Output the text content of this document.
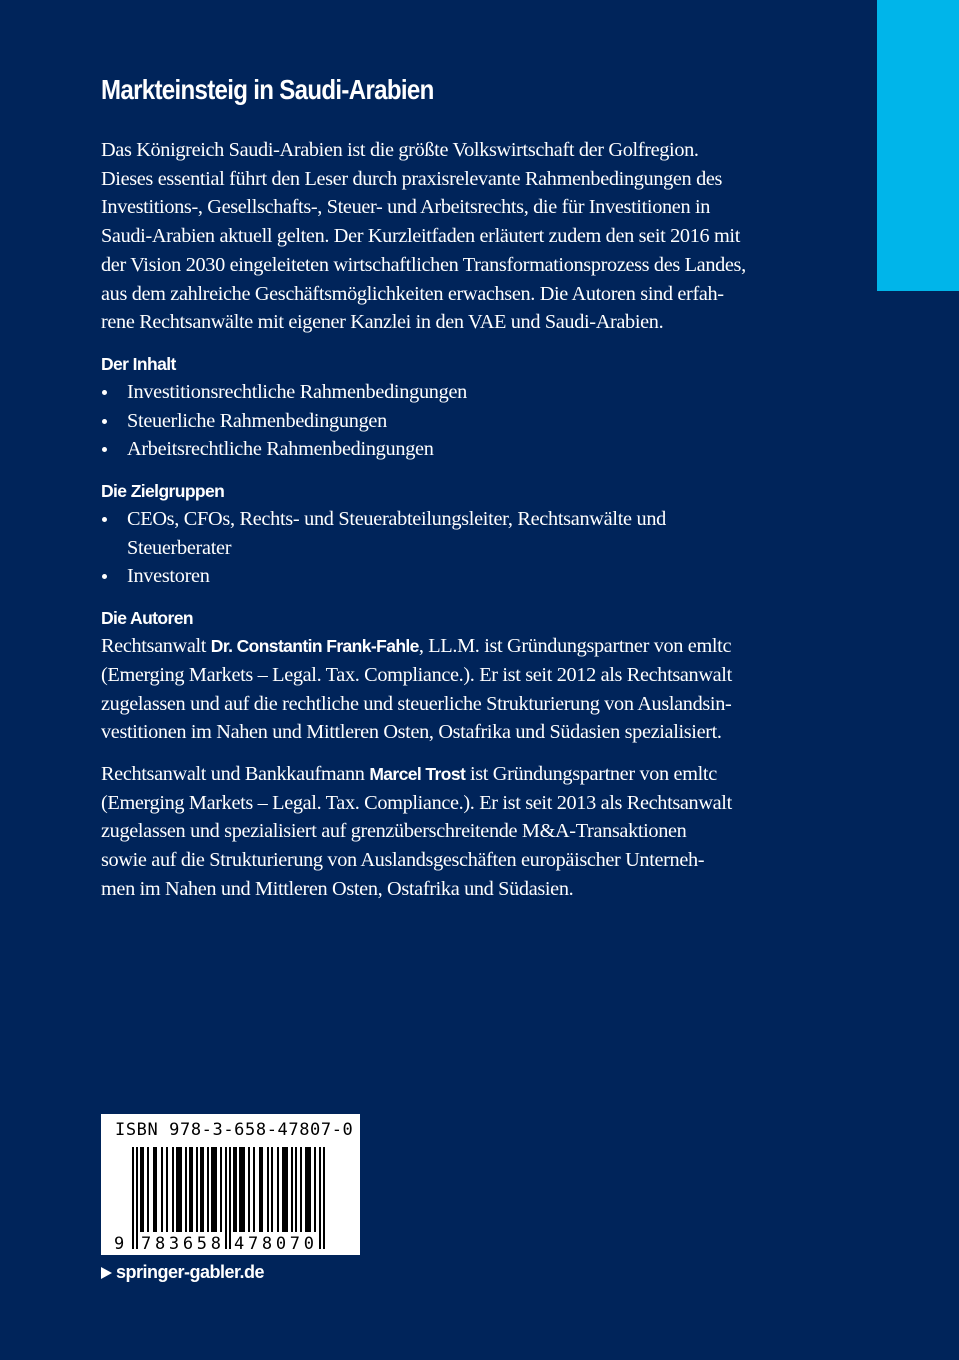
Markteinsteig in Saudi-Arabien
Das Königreich Saudi-Arabien ist die größte Volkswirtschaft der Golfregion.
Dieses essential führt den Leser durch praxisrelevante Rahmenbedingungen des
Investitions-, Gesellschafts-, Steuer- und Arbeitsrechts, die für Investitionen in
Saudi-Arabien aktuell gelten. Der Kurzleitfaden erläutert zudem den seit 2016 mit
der Vision 2030 eingeleiteten wirtschaftlichen Transformationsprozess des Landes,
aus dem zahlreiche Geschäftsmöglichkeiten erwachsen. Die Autoren sind erfah-
rene Rechtsanwälte mit eigener Kanzlei in den VAE und Saudi-Arabien.
Der Inhalt
Investitionsrechtliche Rahmenbedingungen
Steuerliche Rahmenbedingungen
Arbeitsrechtliche Rahmenbedingungen
Die Zielgruppen
CEOs, CFOs, Rechts- und Steuerabteilungsleiter, Rechtsanwälte und
Steuerberater
Investoren
Die Autoren
Rechtsanwalt Dr. Constantin Frank-Fahle, LL.M. ist Gründungspartner von emltc
(Emerging Markets – Legal. Tax. Compliance.). Er ist seit 2012 als Rechtsanwalt
zugelassen und auf die rechtliche und steuerliche Strukturierung von Auslandsin-
vestitionen im Nahen und Mittleren Osten, Ostafrika und Südasien spezialisiert.
Rechtsanwalt und Bankkaufmann Marcel Trost ist Gründungspartner von emltc
(Emerging Markets – Legal. Tax. Compliance.). Er ist seit 2013 als Rechtsanwalt
zugelassen und spezialisiert auf grenzüberschreitende M&A-Transaktionen
sowie auf die Strukturierung von Auslandsgeschäften europäischer Unterneh-
men im Nahen und Mittleren Osten, Ostafrika und Südasien.
ISBN 978-3-658-47807-0
9 783658 478070
springer-gabler.de
